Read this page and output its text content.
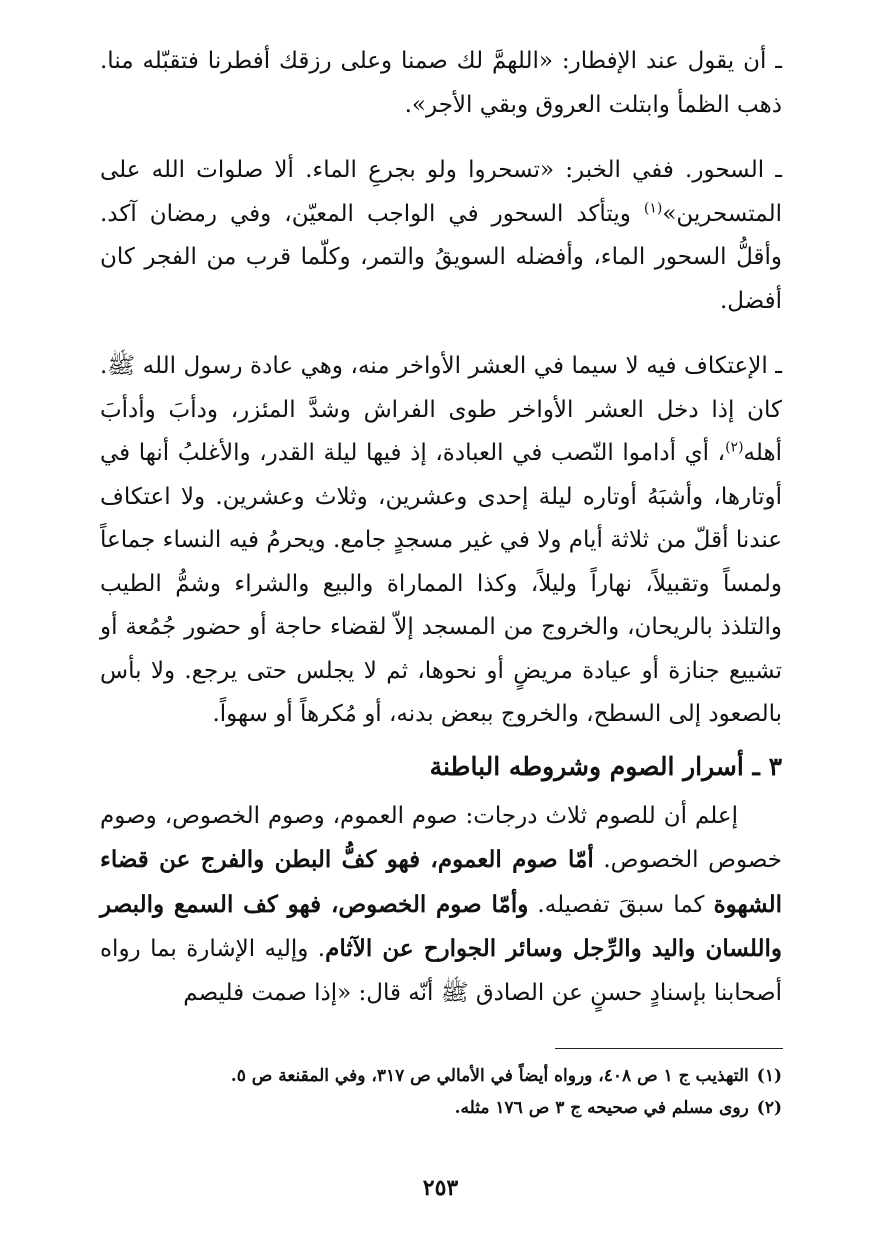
ـ أن يقول عند الإفطار: «اللهمَّ لك صمنا وعلى رزقك أفطرنا فتقبّله منا. ذهب الظمأ وابتلت العروق وبقي الأجر».

ـ السحور. ففي الخبر: «تسحروا ولو بجرعِ الماء. ألا صلوات الله على المتسحرين»$^{(١)}$ ويتأكد السحور في الواجب المعيّن، وفي رمضان آكد. وأقلُّ السحور الماء، وأفضله السويقُ والتمر، وكلّما قرب من الفجر كان أفضل.

ـ الإعتكاف فيه لا سيما في العشر الأواخر منه، وهي عادة رسول الله ﷺ. كان إذا دخل العشر الأواخر طوى الفراش وشدَّ المئزر، ودأبَ وأدأبَ أهله$^{(٢)}$، أي أداموا النّصب في العبادة، إذ فيها ليلة القدر، والأغلبُ أنها في أوتارها، وأشبَهُ أوتاره ليلة إحدى وعشرين، وثلاث وعشرين. ولا اعتكاف عندنا أقلّ من ثلاثة أيام ولا في غير مسجدٍ جامع. ويحرمُ فيه النساء جماعاً ولمساً وتقبيلاً، نهاراً وليلاً، وكذا المماراة والبيع والشراء وشمُّ الطيب والتلذذ بالريحان، والخروج من المسجد إلاّ لقضاء حاجة أو حضور جُمُعة أو تشييع جنازة أو عيادة مريضٍ أو نحوها، ثم لا يجلس حتى يرجع. ولا بأس بالصعود إلى السطح، والخروج ببعض بدنه، أو مُكرهاً أو سهواً.

٣ ـ أسرار الصوم وشروطه الباطنة

إعلم أن للصوم ثلاث درجات: صوم العموم، وصوم الخصوص، وصوم خصوص الخصوص. أمّا صوم العموم، فهو كفُّ البطن والفرج عن قضاء الشهوة كما سبقَ تفصيله. وأمّا صوم الخصوص، فهو كف السمع والبصر واللسان واليد والرِّجل وسائر الجوارح عن الآثام. وإليه الإشارة بما رواه أصحابنا بإسنادٍ حسنٍ عن الصادق ﷺ أنّه قال: «إذا صمت فليصم

(١)التهذيب ج ١ ص ٤٠٨، ورواه أيضاً في الأمالي ص ٣١٧، وفي المقنعة ص ٥.
(٢)روى مسلم في صحيحه ج ٣ ص ١٧٦ مثله.
٢٥٣
